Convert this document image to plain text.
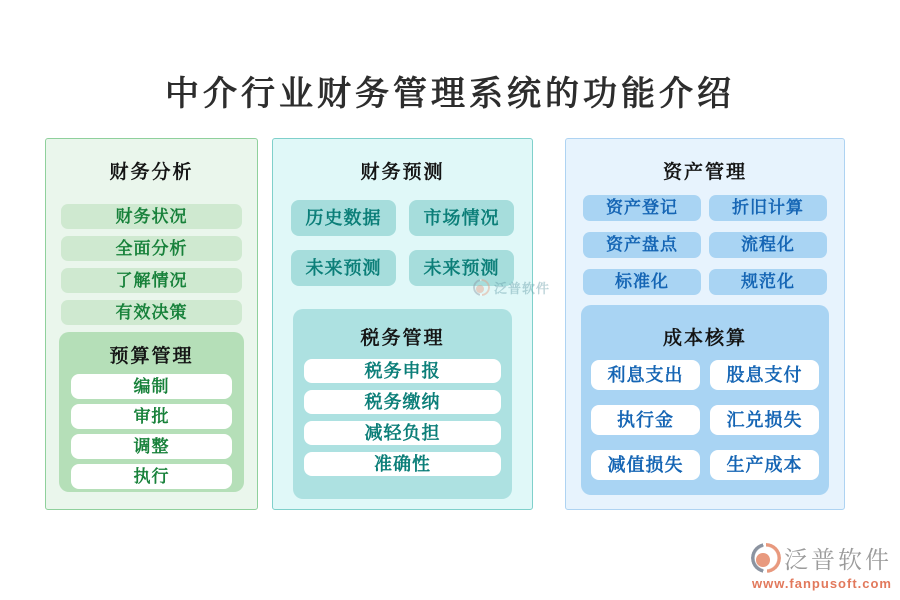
中介行业财务管理系统的功能介绍
财务分析
财务状况
全面分析
了解情况
有效决策
预算管理
编制
审批
调整
执行
财务预测
历史数据	市场情况
未来预测	未来预测
税务管理
税务申报
税务缴纳
减轻负担
准确性
资产管理
资产登记	折旧计算
资产盘点	流程化
标准化	规范化
成本核算
利息支出	股息支付
执行金	汇兑损失
减值损失	生产成本
泛普软件
泛普软件
www.fanpusoft.com
